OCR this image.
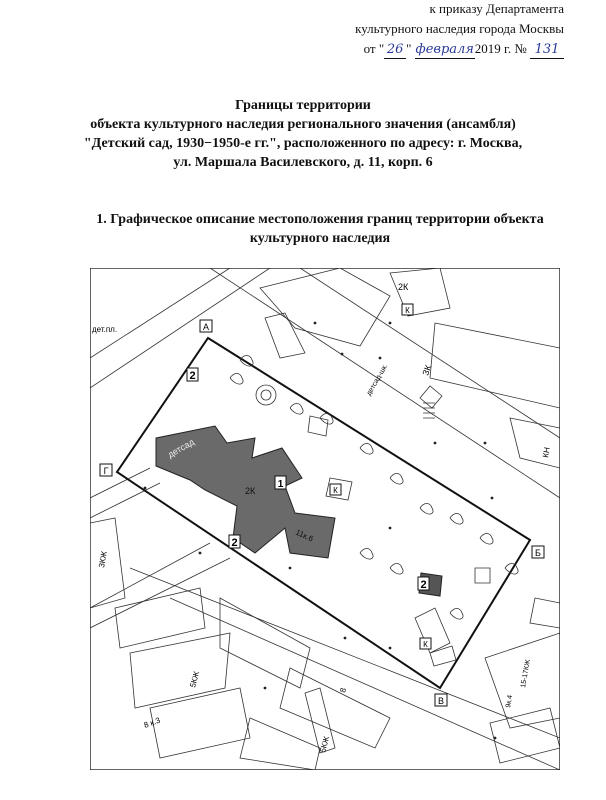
к приказу Департамента
культурного наследия города Москвы
от " 26 " февраля2019 г. № 131
Границы территории
объекта культурного наследия регионального значения (ансамбля)
"Детский сад, 1930−1950-е гг.", расположенного по адресу: г. Москва,
ул. Маршала Василевского, д. 11, корп. 6
1. Графическое описание местоположения границ территории объекта
культурного наследия
А
Б
В
Г
2
2
2
1
К
К
К
дет.пл.
2К
3К
детсад-шк.
детсад
2К
11к.6
КН
3КЖ
5КЖ
5КЖ
8
8 к.3
15-17КЖ
9к.4
